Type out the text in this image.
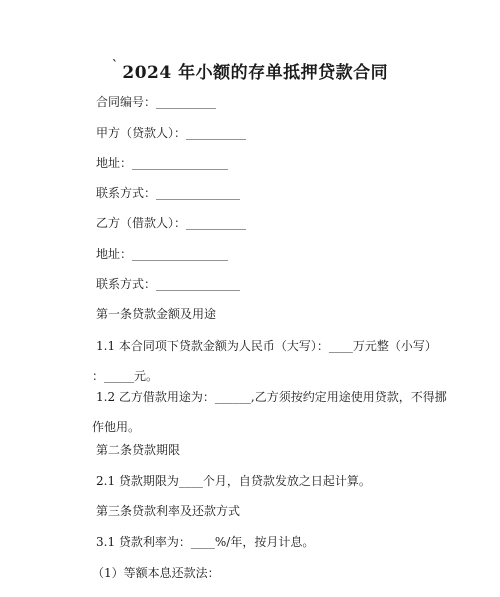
` 2024 年小额的存单抵押贷款合同
合同编号：__________
甲方（贷款人）：__________
地址：________________
联系方式：______________
乙方（借款人）：__________
地址：________________
联系方式：______________
第一条贷款金额及用途
1.1 本合同项下贷款金额为人民币（大写）：____万元整（小写）
：_____元。
1.2 乙方借款用途为：______,乙方须按约定用途使用贷款，不得挪
作他用。
第二条贷款期限
2.1 贷款期限为____个月，自贷款发放之日起计算。
第三条贷款利率及还款方式
3.1 贷款利率为：____%/年，按月计息。
（1）等额本息还款法：
